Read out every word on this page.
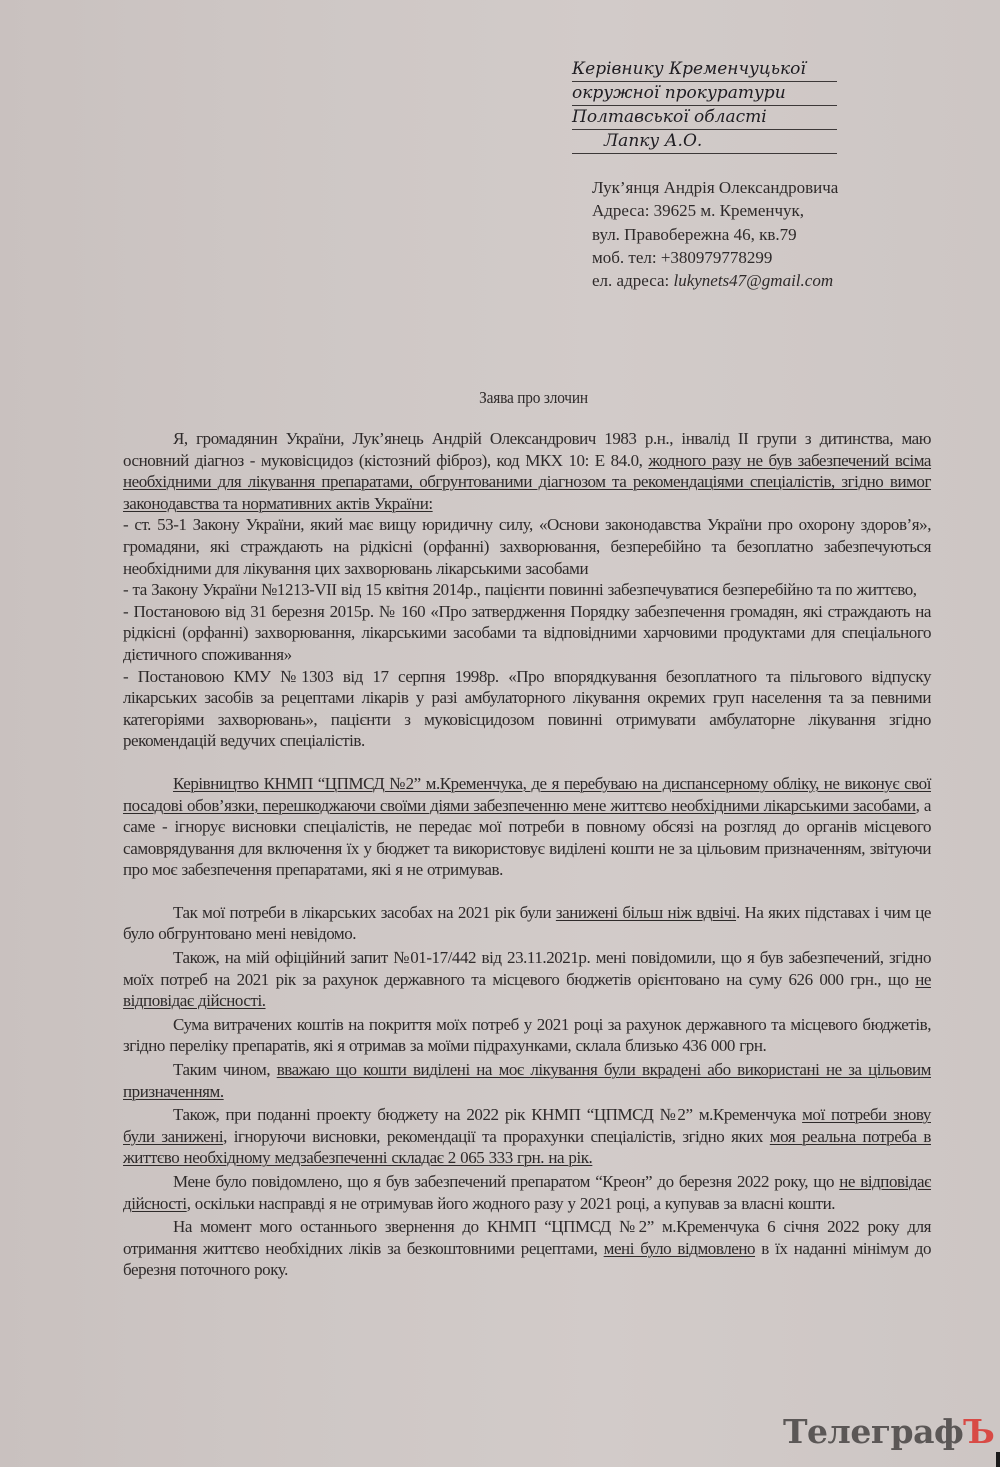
Керівнику Кременчуцької
окружної прокуратури
Полтавської області
Лапку А.О.
Лук’янця Андрія Олександровича
Адреса: 39625 м. Кременчук,
вул. Правобережна 46, кв.79
моб. тел: +380979778299
ел. адреса: lukynets47@gmail.com
Заява про злочин

Я, громадянин України, Лук’янець Андрій Олександрович 1983 р.н., інвалід ІІ групи з дитинства, маю основний діагноз - муковісцидоз (кістозний фіброз), код МКХ 10: Е 84.0, жодного разу не був забезпечений всіма необхідними для лікування препаратами, обгрунтованими діагнозом та рекомендаціями спеціалістів, згідно вимог законодавства та нормативних актів України:

- ст. 53-1 Закону України, який має вищу юридичну силу, «Основи законодавства України про охорону здоров’я», громадяни, які страждають на рідкісні (орфанні) захворювання, безперебійно та безоплатно забезпечуються необхідними для лікування цих захворювань лікарськими засобами

- та Закону України №1213-VII від 15 квітня 2014р., пацієнти повинні забезпечуватися безперебійно та по життєво,

- Постановою від 31 березня 2015р. № 160 «Про затвердження Порядку забезпечення громадян, які страждають на рідкісні (орфанні) захворювання, лікарськими засобами та відповідними харчовими продуктами для спеціального дієтичного споживання»

- Постановою КМУ №1303 від 17 серпня 1998р. «Про впорядкування безоплатного та пільгового відпуску лікарських засобів за рецептами лікарів у разі амбулаторного лікування окремих груп населення та за певними категоріями захворювань», пацієнти з муковісцидозом повинні отримувати амбулаторне лікування згідно рекомендацій ведучих спеціалістів.

Керівництво КНМП “ЦПМСД №2” м.Кременчука, де я перебуваю на диспансерному обліку, не виконує свої посадові обов’язки, перешкоджаючи своїми діями забезпеченню мене життєво необхідними лікарськими засобами, а саме - ігнорує висновки спеціалістів, не передає мої потреби в повному обсязі на розгляд до органів місцевого самоврядування для включення їх у бюджет та використовує виділені кошти не за цільовим призначенням, звітуючи про моє забезпечення препаратами, які я не отримував.

Так мої потреби в лікарських засобах на 2021 рік були занижені більш ніж вдвічі. На яких підставах і чим це було обгрунтовано мені невідомо.

Також, на мій офіційний запит №01-17/442 від 23.11.2021р. мені повідомили, що я був забезпечений, згідно моїх потреб на 2021 рік за рахунок державного та місцевого бюджетів орієнтовано на суму 626 000 грн., що не відповідає дійсності.

Сума витрачених коштів на покриття моїх потреб у 2021 році за рахунок державного та місцевого бюджетів, згідно переліку препаратів, які я отримав за моїми підрахунками, склала близько 436 000 грн.

Таким чином, вважаю що кошти виділені на моє лікування були вкрадені або використані не за цільовим призначенням.

Також, при поданні проекту бюджету на 2022 рік КНМП “ЦПМСД №2” м.Кременчука мої потреби знову були занижені, ігноруючи висновки, рекомендації та прорахунки спеціалістів, згідно яких моя реальна потреба в життєво необхідному медзабезпеченні складає 2 065 333 грн. на рік.

Мене було повідомлено, що я був забезпечений препаратом “Креон” до березня 2022 року, що не відповідає дійсності, оскільки насправді я не отримував його жодного разу у 2021 році, а купував за власні кошти.

На момент мого останнього звернення до КНМП “ЦПМСД №2” м.Кременчука 6 січня 2022 року для отримання життєво необхідних ліків за безкоштовними рецептами, мені було відмовлено в їх наданні мінімум до березня поточного року.

ТелеграфЪ
